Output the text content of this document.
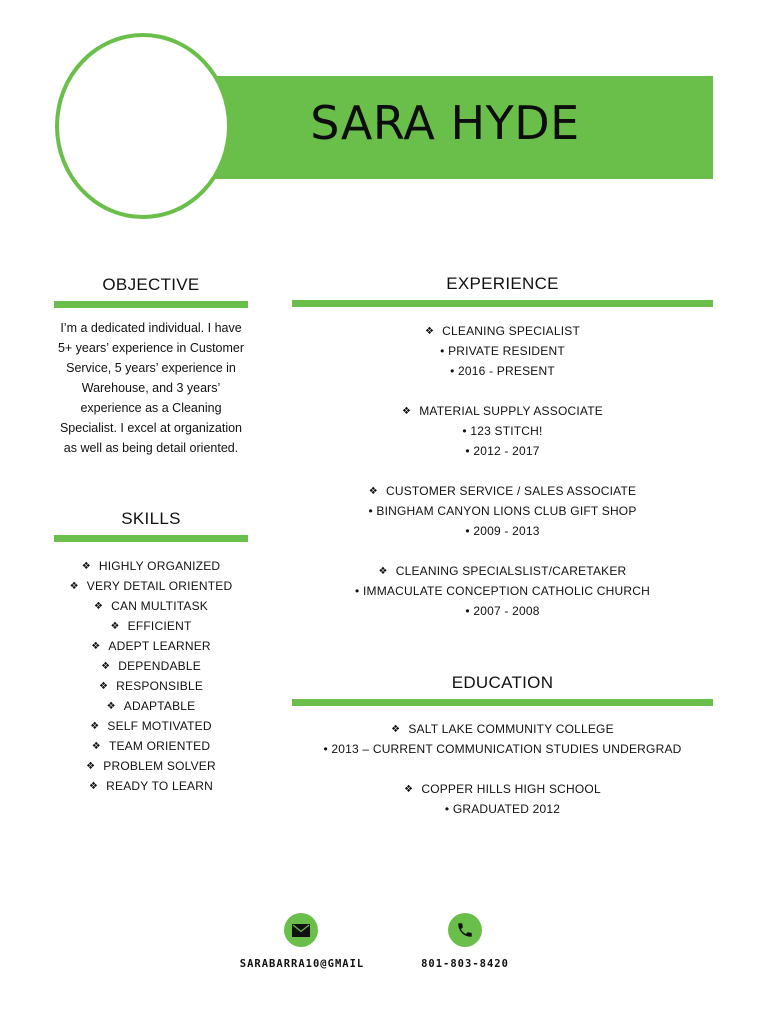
SARA HYDE
OBJECTIVE
I’m a dedicated individual. I have
5+ years’ experience in Customer
Service, 5 years’ experience in
Warehouse, and 3 years’
experience as a Cleaning
Specialist. I excel at organization
as well as being detail oriented.
SKILLS
❖ HIGHLY ORGANIZED
❖ VERY DETAIL ORIENTED
❖ CAN MULTITASK
❖ EFFICIENT
❖ ADEPT LEARNER
❖ DEPENDABLE
❖ RESPONSIBLE
❖ ADAPTABLE
❖ SELF MOTIVATED
❖ TEAM ORIENTED
❖ PROBLEM SOLVER
❖ READY TO LEARN
EXPERIENCE
❖ CLEANING SPECIALIST
• PRIVATE RESIDENT
• 2016 - PRESENT
❖ MATERIAL SUPPLY ASSOCIATE
• 123 STITCH!
• 2012 - 2017
❖ CUSTOMER SERVICE / SALES ASSOCIATE
• BINGHAM CANYON LIONS CLUB GIFT SHOP
• 2009 - 2013
❖ CLEANING SPECIALSLIST/CARETAKER
• IMMACULATE CONCEPTION CATHOLIC CHURCH
• 2007 - 2008
EDUCATION
❖ SALT LAKE COMMUNITY COLLEGE
• 2013 – CURRENT COMMUNICATION STUDIES UNDERGRAD
❖ COPPER HILLS HIGH SCHOOL
• GRADUATED 2012
SARABARRA10@GMAIL	801-803-8420
